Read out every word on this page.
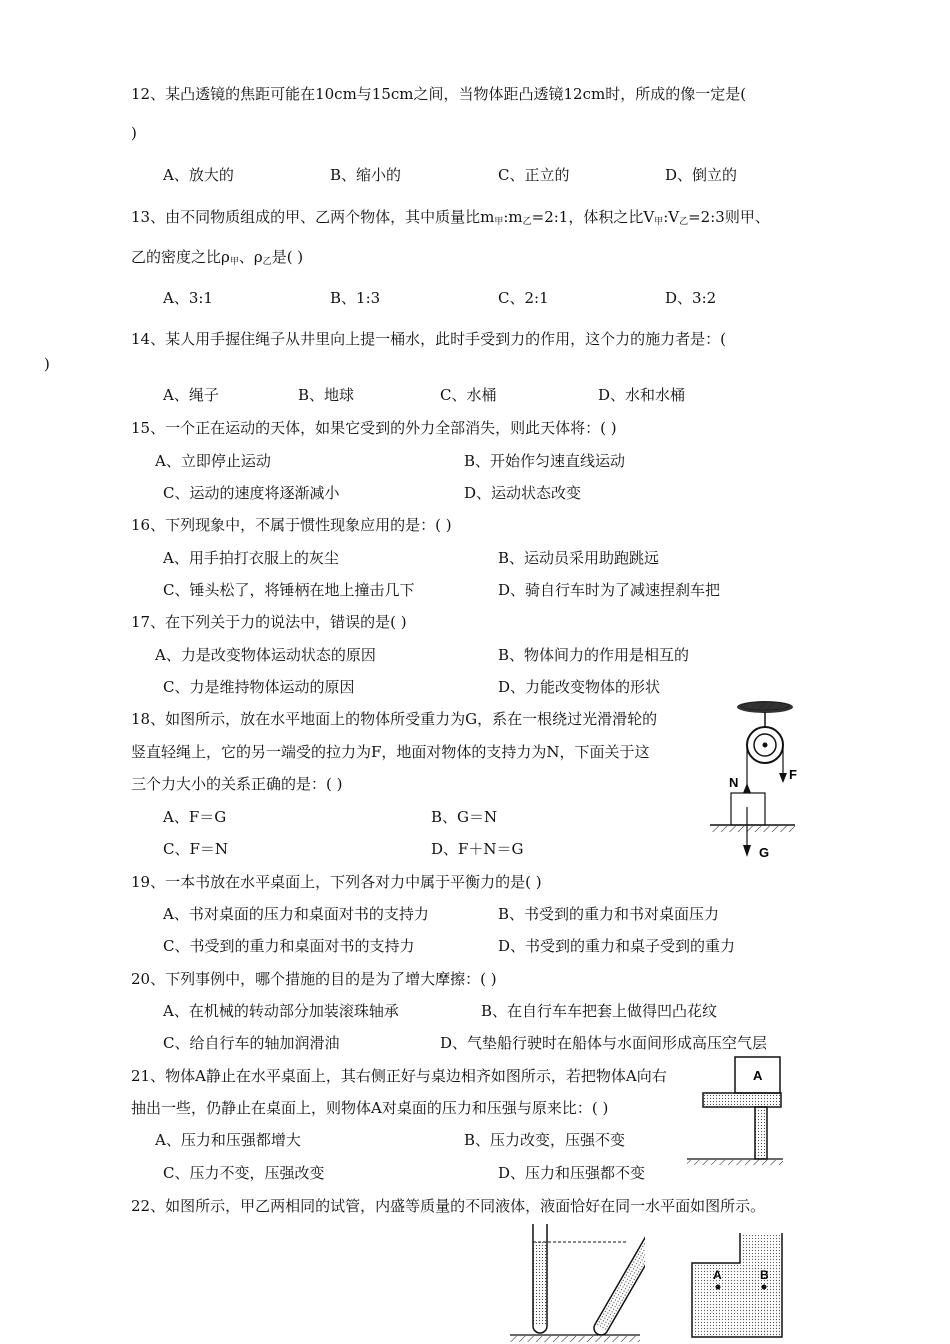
12、某凸透镜的焦距可能在10cm与15cm之间，当物体距凸透镜12cm时，所成的像一定是(
)
A、放大的	B、缩小的	C、正立的	D、倒立的
13、由不同物质组成的甲、乙两个物体，其中质量比$m_甲:m_乙=2:1$，体积之比$V_甲:V_乙=2:3$则甲、
乙的密度之比$\rho_甲$、$\rho_乙$是( )
A、3:1	B、1:3	C、2:1	D、3:2
14、某人用手握住绳子从井里向上提一桶水，此时手受到力的作用，这个力的施力者是：(
)
A、绳子	B、地球	C、水桶	D、水和水桶
15、一个正在运动的天体，如果它受到的外力全部消失，则此天体将：( )
A、立即停止运动	B、开始作匀速直线运动
C、运动的速度将逐渐减小	D、运动状态改变
16、下列现象中，不属于惯性现象应用的是：( )
A、用手拍打衣服上的灰尘	B、运动员采用助跑跳远
C、锤头松了，将锤柄在地上撞击几下	D、骑自行车时为了减速捏刹车把
17、在下列关于力的说法中，错误的是( )
A、力是改变物体运动状态的原因	B、物体间力的作用是相互的
C、力是维持物体运动的原因	D、力能改变物体的形状
18、如图所示，放在水平地面上的物体所受重力为G，系在一根绕过光滑滑轮的
竖直轻绳上，它的另一端受的拉力为F，地面对物体的支持力为N，下面关于这
三个力大小的关系正确的是：( )
A、F＝G	B、G＝N
C、F＝N	D、F＋N＝G
F
N
G
19、一本书放在水平桌面上，下列各对力中属于平衡力的是( )
A、书对桌面的压力和桌面对书的支持力	B、书受到的重力和书对桌面压力
C、书受到的重力和桌面对书的支持力	D、书受到的重力和桌子受到的重力
20、下列事例中，哪个措施的目的是为了增大摩擦：( )
A、在机械的转动部分加装滚珠轴承	B、在自行车车把套上做得凹凸花纹
C、给自行车的轴加润滑油	D、气垫船行驶时在船体与水面间形成高压空气层
21、物体A静止在水平桌面上，其右侧正好与桌边相齐如图所示，若把物体A向右
抽出一些，仍静止在桌面上，则物体A对桌面的压力和压强与原来比：( )
A、压力和压强都增大	B、压力改变，压强不变
C、压力不变，压强改变	D、压力和压强都不变
A
22、如图所示，甲乙两相同的试管，内盛等质量的不同液体，液面恰好在同一水平面如图所示。
A	B
